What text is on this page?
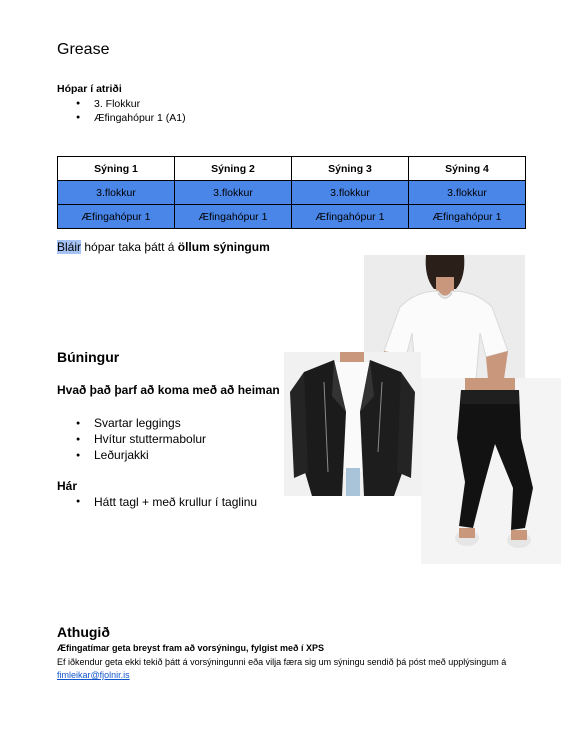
Grease
Hópar í atriði
● 3. Flokkur
● Æfingahópur 1 (A1)
Sýning 1	Sýning 2	Sýning 3	Sýning 4
3.flokkur	3.flokkur	3.flokkur	3.flokkur
Æfingahópur 1	Æfingahópur 1	Æfingahópur 1	Æfingahópur 1
Bláir hópar taka þátt á öllum sýningum
Búningur
Hvað það þarf að koma með að heiman
● Svartar leggings
● Hvítur stuttermabolur
● Leðurjakki
Hár
● Hátt tagl + með krullur í taglinu
Athugið
Æfingatímar geta breyst fram að vorsýningu, fylgist með í XPS
Ef iðkendur geta ekki tekið þátt á vorsýningunni eða vilja færa sig um sýningu sendið þá póst með upplýsingum á fimleikar@fjolnir.is
